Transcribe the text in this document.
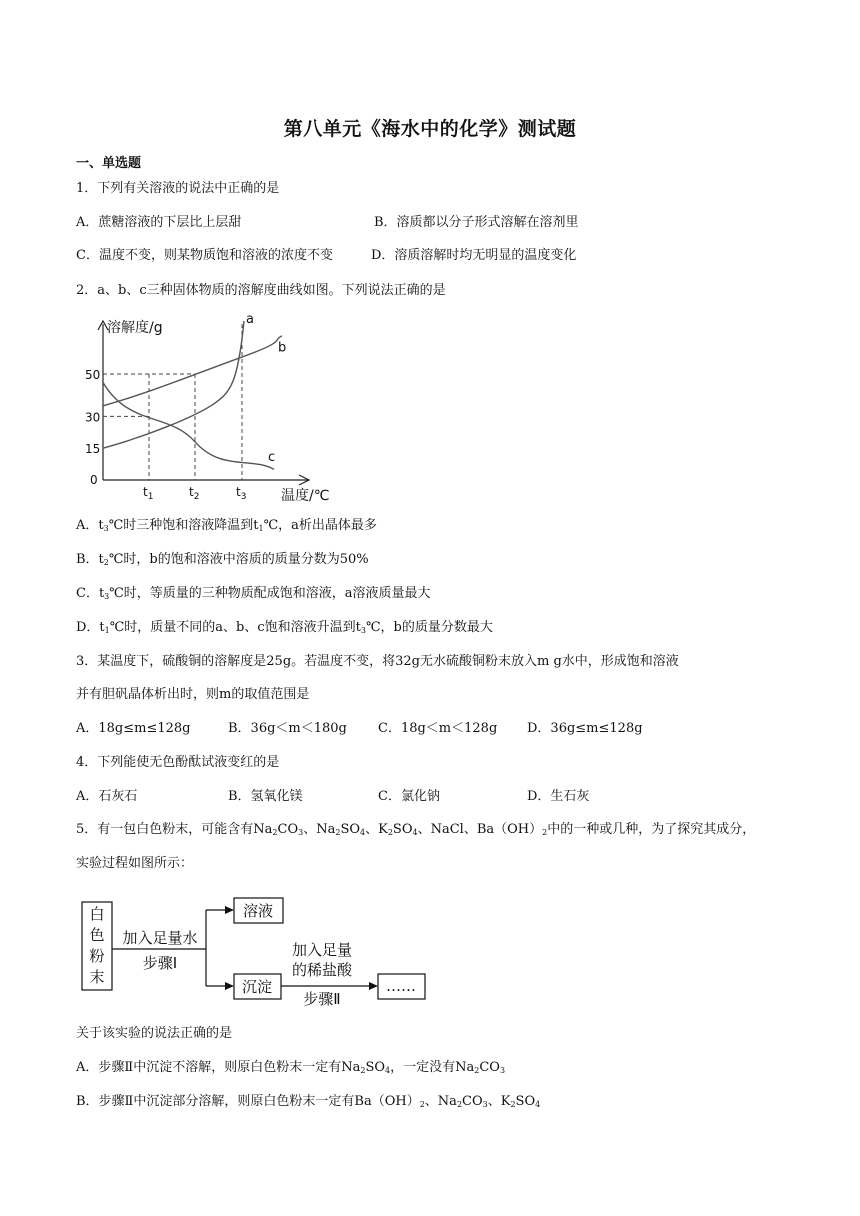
第八单元《海水中的化学》测试题
一、单选题
1．下列有关溶液的说法中正确的是
A．蔗糖溶液的下层比上层甜	B．溶质都以分子形式溶解在溶剂里
C．温度不变，则某物质饱和溶液的浓度不变	D．溶质溶解时均无明显的温度变化
2．a、b、c三种固体物质的溶解度曲线如图。下列说法正确的是
a
b
c
50
30
15
$t_1$	$t_2$	$t_3$
溶解度/g
温度/℃
0
A．$t_3℃$时三种饱和溶液降温到$t_1℃$，a析出晶体最多
B．$t_2℃$时，b的饱和溶液中溶质的质量分数为50%
C．$t_3℃$时，等质量的三种物质配成饱和溶液，a溶液质量最大
D．$t_1℃$时，质量不同的a、b、c饱和溶液升温到$t_3℃$，b的质量分数最大
3．某温度下，硫酸铜的溶解度是25g。若温度不变，将32g无水硫酸铜粉末放入m g水中，形成饱和溶液
并有胆矾晶体析出时，则m的取值范围是
A．18g≤m≤128g	B．36g＜m＜180g C．18g＜m＜128g D．36g≤m≤128g
4．下列能使无色酚酞试液变红的是
A．石灰石	B．氢氧化镁	C．氯化钠	D．生石灰
5．有一包白色粉末，可能含有$Na_2CO_3$、$Na_2SO_4$、$K_2SO_4$、NaCl、$Ba(OH)_2$中的一种或几种，为了探究其成分，
实验过程如图所示：
白
色
粉
末
加入足量水
步骤Ⅰ
溶液
沉淀
加入足量
的稀盐酸
步骤Ⅱ
……
关于该实验的说法正确的是
A．步骤Ⅱ中沉淀不溶解，则原白色粉末一定有$Na_2SO_4$，一定没有$Na_2CO_3$
B．步骤Ⅱ中沉淀部分溶解，则原白色粉末一定有$Ba(OH)_2$、$Na_2CO_3$、$K_2SO_4$
